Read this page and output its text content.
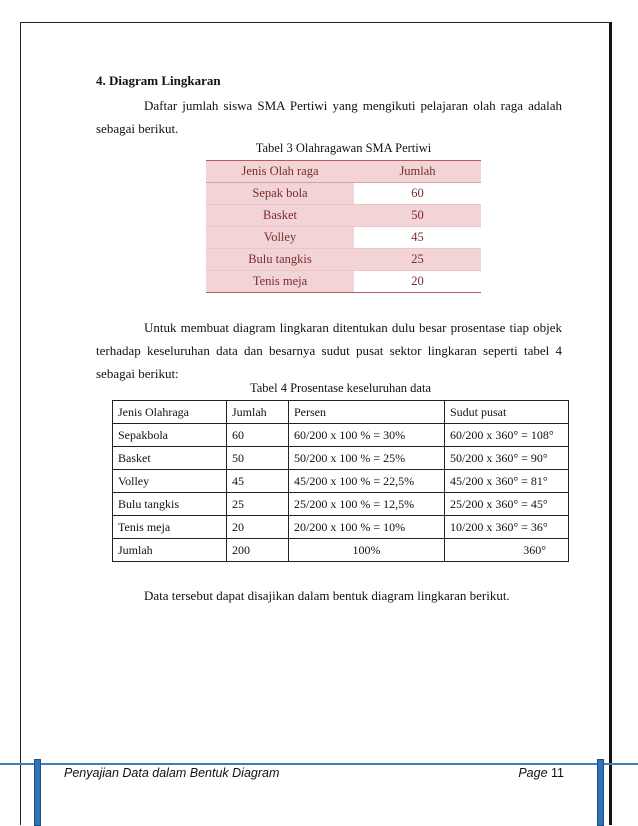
4. Diagram Lingkaran
Daftar jumlah siswa SMA Pertiwi yang mengikuti pelajaran olah raga adalah sebagai berikut.
Tabel 3 Olahragawan SMA Pertiwi
Jenis Olah raga	Jumlah
Sepak bola	60
Basket	50
Volley	45
Bulu tangkis	25
Tenis meja	20
Untuk membuat diagram lingkaran ditentukan dulu besar prosentase tiap objek terhadap keseluruhan data dan besarnya sudut pusat sektor lingkaran seperti tabel 4 sebagai berikut:
Tabel 4 Prosentase keseluruhan data
Jenis Olahraga	Jumlah	Persen	Sudut pusat
Sepakbola	60	60/200 x 100 % = 30%	60/200 x 360° = 108°
Basket	50	50/200 x 100 % = 25%	50/200 x 360° = 90°
Volley	45	45/200 x 100 % = 22,5%	45/200 x 360° = 81°
Bulu tangkis	25	25/200 x 100 % = 12,5%	25/200 x 360° = 45°
Tenis meja	20	20/200 x 100 % = 10%	10/200 x 360° = 36°
Jumlah	200	100%	360°
Data tersebut dapat disajikan dalam bentuk diagram lingkaran berikut.
Penyajian Data dalam Bentuk Diagram	Page 11
